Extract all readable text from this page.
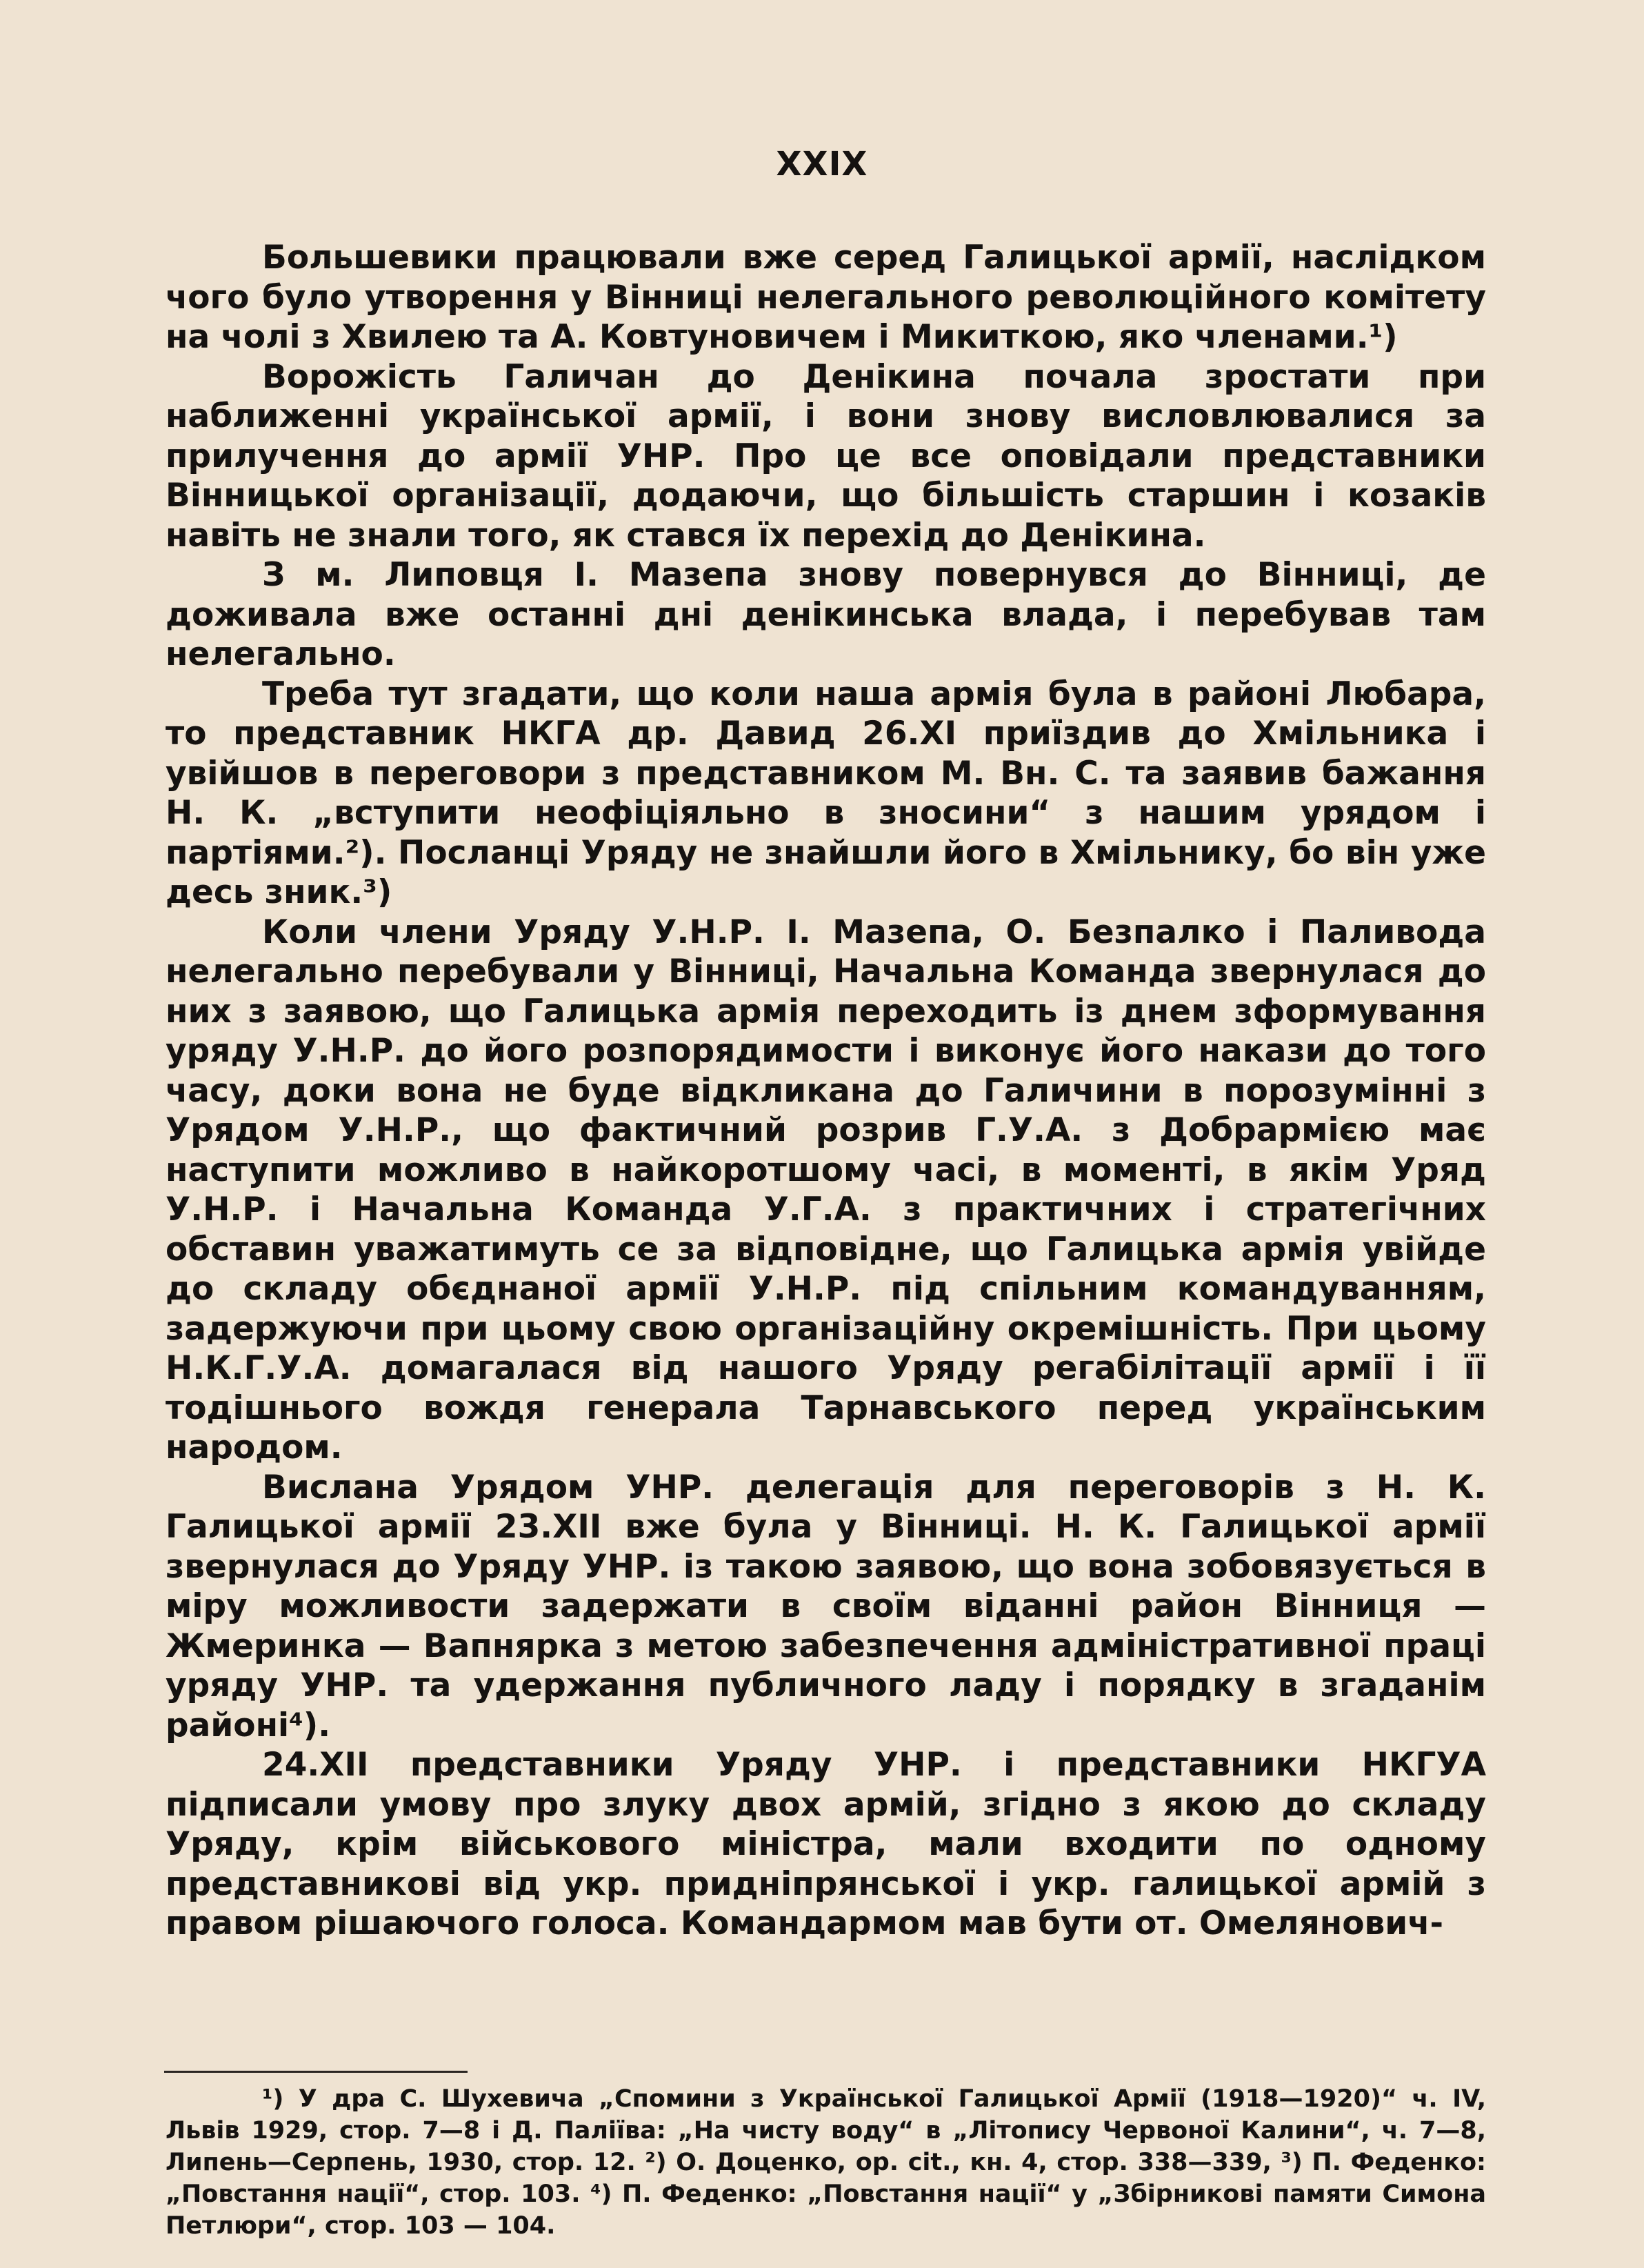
XXIX

Большевики працювали вже серед Галицької армії, наслідком чого було утворення у Вінниці нелегального революційного комітету на чолі з Хвилею та А. Ковтуновичем і Микиткою, яко членами.¹)

Ворожість Галичан до Денікина почала зростати при наближенні української армії, і вони знову висловлювалися за прилучення до армії УНР. Про це все оповідали представники Вінницької організації, додаючи, що більшість старшин і козаків навіть не знали того, як стався їх перехід до Денікина.

З м. Липовця І. Мазепа знову повернувся до Вінниці, де доживала вже останні дні денікинська влада, і перебував там нелегально.

Треба тут згадати, що коли наша армія була в районі Любара, то представник НКГА др. Давид 26.XI приїздив до Хмільника і увійшов в переговори з представником М. Вн. С. та заявив бажання Н. К. „вступити неофіціяльно в зносини“ з нашим урядом і партіями.²). Посланці Уряду не знайшли його в Хмільнику, бо він уже десь зник.³)

Коли члени Уряду У.Н.Р. І. Мазепа, О. Безпалко і Паливода нелегально перебували у Вінниці, Начальна Команда звернулася до них з заявою, що Галицька армія переходить із днем зформування уряду У.Н.Р. до його розпорядимости і виконує його накази до того часу, доки вона не буде відкликана до Галичини в порозумінні з Урядом У.Н.Р., що фактичний розрив Г.У.А. з Добрармією має наступити можливо в найкоротшому часі, в моменті, в якім Уряд У.Н.Р. і Начальна Команда У.Г.А. з практичних і стратегічних обставин уважатимуть се за відповідне, що Галицька армія увійде до складу обєднаної армії У.Н.Р. під спільним командуванням, задержуючи при цьому свою організаційну окремішність. При цьому Н.К.Г.У.А. домагалася від нашого Уряду регабілітації армії і її тодішнього вождя генерала Тарнавського перед українським народом.

Вислана Урядом УНР. делегація для переговорів з Н. К. Галицької армії 23.XII вже була у Вінниці. Н. К. Галицької армії звернулася до Уряду УНР. із такою заявою, що вона зобовязується в міру можливости задержати в своїм віданні район Вінниця — Жмеринка — Вапнярка з метою забезпечення адміністративної праці уряду УНР. та удержання публичного ладу і порядку в згаданім районі⁴).

24.XII представники Уряду УНР. і представники НКГУА підписали умову про злуку двох армій, згідно з якою до складу Уряду, крім військового міністра, мали входити по одному представникові від укр. придніпрянської і укр. галицької армій з правом рішаючого голоса. Командармом мав бути от. Омелянович-

¹) У дра С. Шухевича „Спомини з Української Галицької Армії (1918—1920)“ ч. IV, Львів 1929, стор. 7—8 і Д. Паліїва: „На чисту воду“ в „Літопису Червоної Калини“, ч. 7—8, Липень—Серпень, 1930, стор. 12. ²) О. Доценко, op. cit., кн. 4, стор. 338—339, ³) П. Феденко: „Повстання нації“, стор. 103. ⁴) П. Феденко: „Повстання нації“ у „Збірникові памяти Симона Петлюри“, стор. 103 — 104.
